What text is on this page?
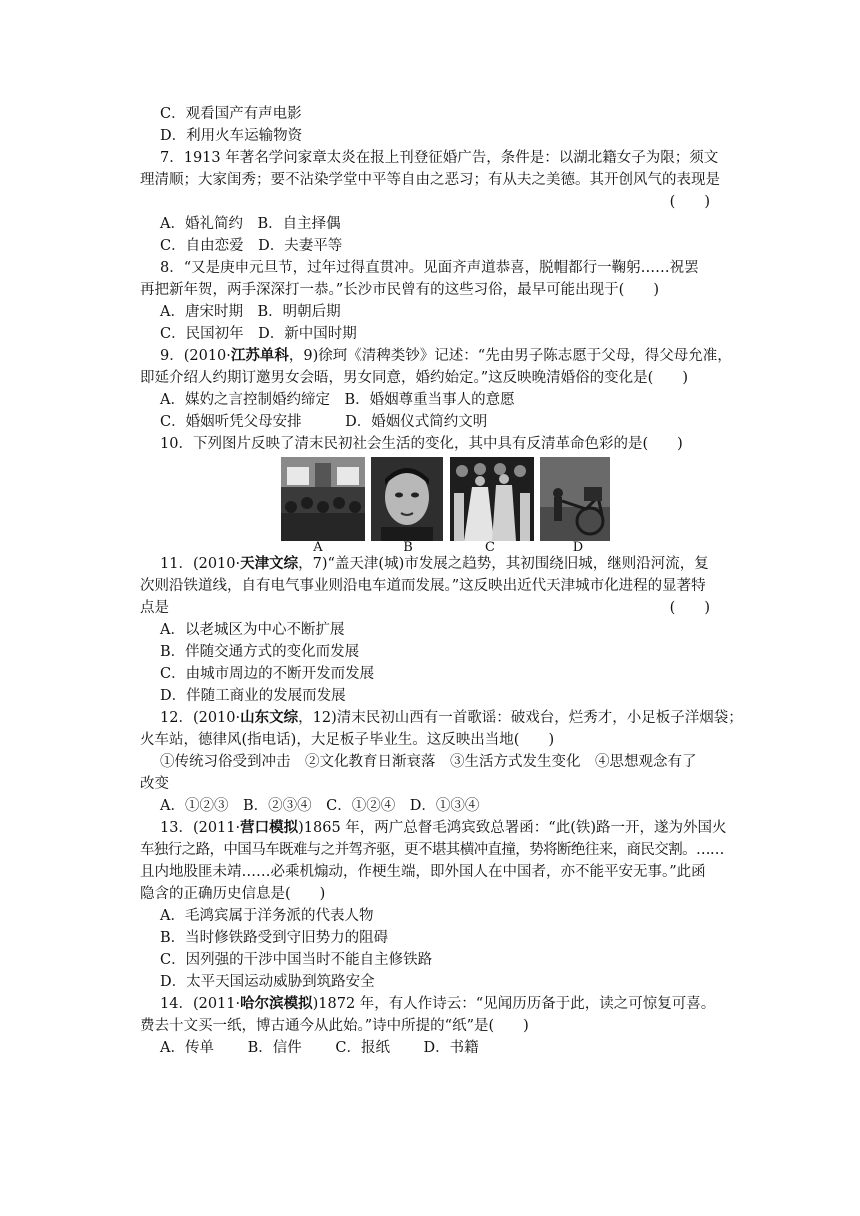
C．观看国产有声电影
D．利用火车运输物资
7．1913 年著名学问家章太炎在报上刊登征婚广告，条件是：以湖北籍女子为限；须文
理清顺；大家闺秀；要不沾染学堂中平等自由之恶习；有从夫之美德。其开创风气的表现是
(　　)
A．婚礼简约　B．自主择偶
C．自由恋爱　D．夫妻平等
8．“又是庚申元旦节，过年过得直贯冲。见面齐声道恭喜，脱帽都行一鞠躬……祝罢
再把新年贺，两手深深打一恭。”长沙市民曾有的这些习俗，最早可能出现于(　　)
A．唐宋时期　B．明朝后期
C．民国初年　D．新中国时期
9．(2010·江苏单科，9)徐珂《清稗类钞》记述：“先由男子陈志愿于父母，得父母允准，
即延介绍人约期订邀男女会晤，男女同意，婚约始定。”这反映晚清婚俗的变化是(　　)
A．媒妁之言控制婚约缔定　B．婚姻尊重当事人的意愿
C．婚姻听凭父母安排　　　D．婚姻仪式简约文明
10．下列图片反映了清末民初社会生活的变化，其中具有反清革命色彩的是(　　)
A	B	C	D
11．(2010·天津文综，7)“盖天津(城)市发展之趋势，其初围绕旧城，继则沿河流，复
次则沿铁道线，自有电气事业则沿电车道而发展。”这反映出近代天津城市化进程的显著特
点是	(　　)
A．以老城区为中心不断扩展
B．伴随交通方式的变化而发展
C．由城市周边的不断开发而发展
D．伴随工商业的发展而发展
12．(2010·山东文综，12)清末民初山西有一首歌谣：破戏台，烂秀才，小足板子洋烟袋；
火车站，德律风(指电话)，大足板子毕业生。这反映出当地(　　)
①传统习俗受到冲击　②文化教育日渐衰落　③生活方式发生变化　④思想观念有了
改变
A．①②③　B．②③④　C．①②④　D．①③④
13．(2011·营口模拟)1865 年，两广总督毛鸿宾致总署函：“此(铁)路一开，遂为外国火
车独行之路，中国马车既难与之并驾齐驱，更不堪其横冲直撞，势将断绝往来，商民交割。……
且内地股匪未靖……必乘机煽动，作梗生端，即外国人在中国者，亦不能平安无事。”此函
隐含的正确历史信息是(　　)
A．毛鸿宾属于洋务派的代表人物
B．当时修铁路受到守旧势力的阻碍
C．因列强的干涉中国当时不能自主修铁路
D．太平天国运动威胁到筑路安全
14．(2011·哈尔滨模拟)1872 年，有人作诗云：“见闻历历备于此，读之可惊复可喜。
费去十文买一纸，博古通今从此始。”诗中所提的“纸”是(　　)
A．传单　　 B．信件　　 C．报纸　　 D．书籍
